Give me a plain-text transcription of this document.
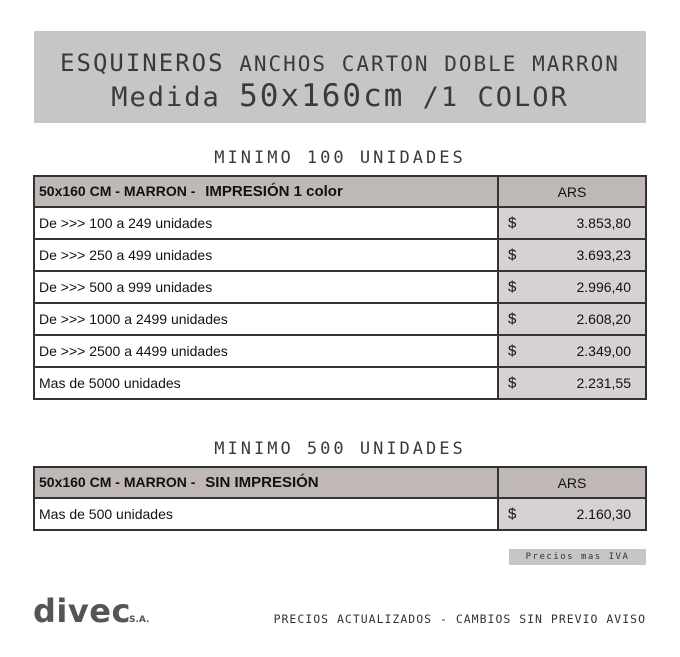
ESQUINEROS ANCHOS CARTON DOBLE MARRON
Medida 50x160cm /1 COLOR
MINIMO 100 UNIDADES
50x160 CM - MARRON - IMPRESIÓN 1 color	ARS
De >>> 100 a 249 unidades	$ 3.853,80

De >>> 250 a 499 unidades	$ 3.693,23

De >>> 500 a 999 unidades	$ 2.996,40

De >>> 1000 a 2499 unidades	$ 2.608,20

De >>> 2500 a 4499 unidades	$ 2.349,00

Mas de 5000 unidades	$ 2.231,55
MINIMO 500 UNIDADES
50x160 CM - MARRON - SIN IMPRESIÓN	ARS
Mas de 500 unidades	$ 2.160,30
Precios mas IVA
divec
S.A.	PRECIOS ACTUALIZADOS - CAMBIOS SIN PREVIO AVISO
